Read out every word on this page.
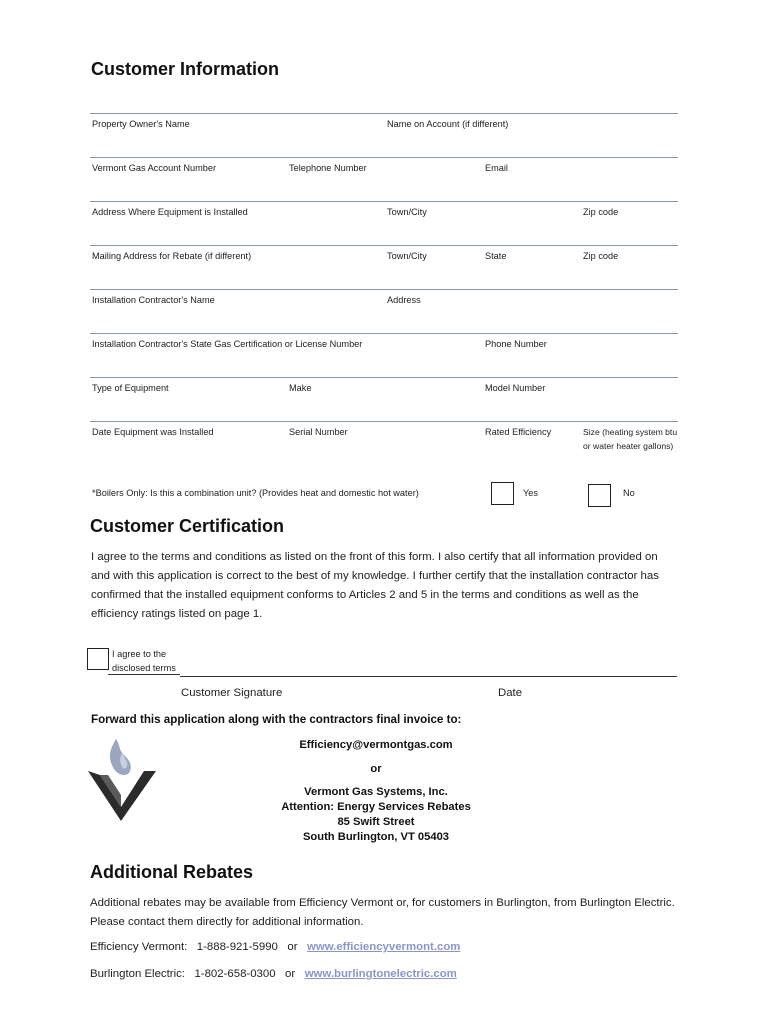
Customer Information
Property Owner's Name	Name on Account (if different)
Vermont Gas Account Number	Telephone Number	Email
Address Where Equipment is Installed	Town/City	Zip code
Mailing Address for Rebate (if different)	Town/City	State	Zip code
Installation Contractor's Name	Address
Installation Contractor's State Gas Certification or License Number	Phone Number
Type of Equipment	Make	Model Number
Date Equipment was Installed	Serial Number	Rated Efficiency	Size (heating system btu
or water heater gallons)
*Boilers Only: Is this a combination unit? (Provides heat and domestic hot water)	Yes	No
Customer Certification
I agree to the terms and conditions as listed on the front of this form. I also certify that all information provided on and with this application is correct to the best of my knowledge. I further certify that the installation contractor has confirmed that the installed equipment conforms to Articles 2 and 5 in the terms and conditions as well as the efficiency ratings listed on page 1.
I agree to the
disclosed terms
Customer Signature	Date
Forward this application along with the contractors final invoice to:
Efficiency@vermontgas.com
or
Vermont Gas Systems, Inc.
Attention: Energy Services Rebates
85 Swift Street
South Burlington, VT 05403
Additional Rebates
Additional rebates may be available from Efficiency Vermont or, for customers in Burlington, from Burlington Electric. Please contact them directly for additional information.
Efficiency Vermont: 1-888-921-5990 or www.efficiencyvermont.com
Burlington Electric: 1-802-658-0300 or www.burlingtonelectric.com
